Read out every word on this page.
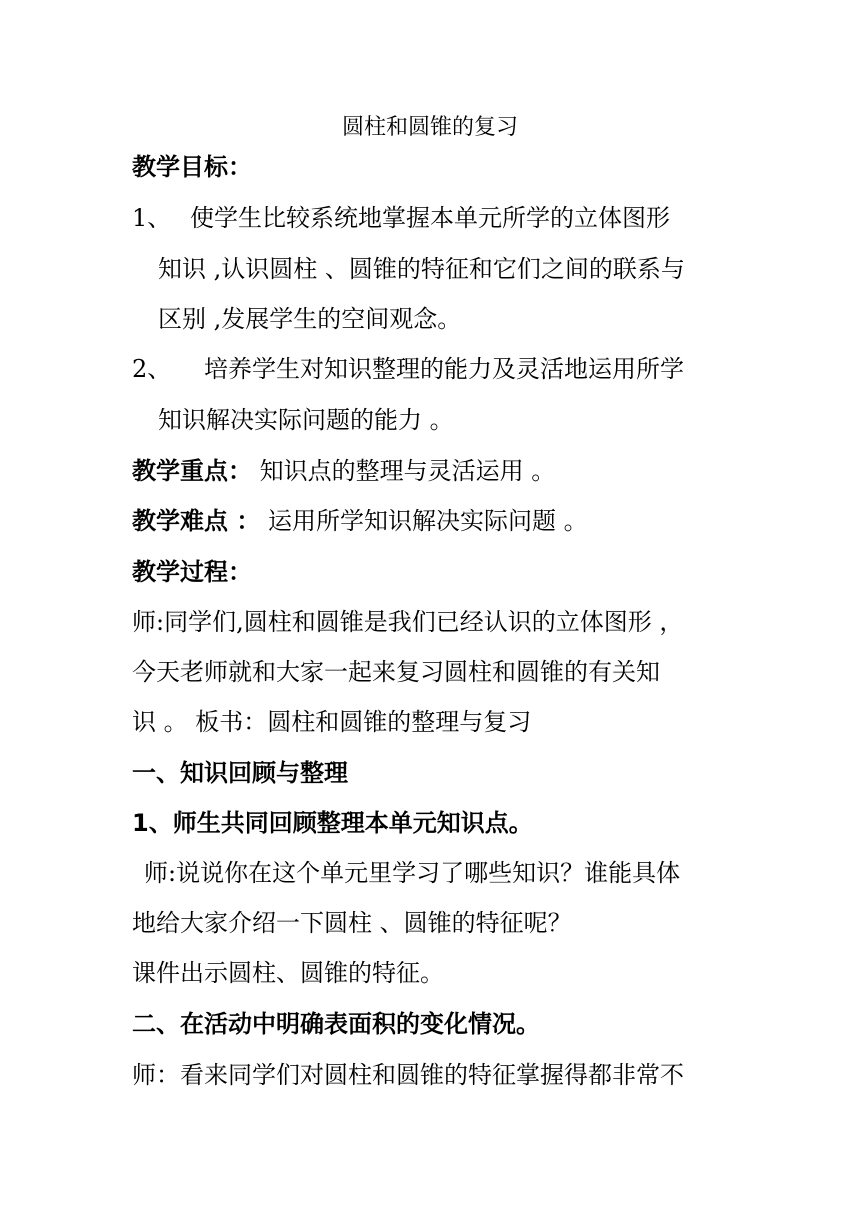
圆柱和圆锥的复习
教学目标：
1、 使学生比较系统地掌握本单元所学的立体图形
知识 ,认识圆柱 、圆锥的特征和它们之间的联系与
区别 ,发展学生的空间观念。
2、 培养学生对知识整理的能力及灵活地运用所学
知识解决实际问题的能力 。
教学重点： 知识点的整理与灵活运用 。
教学难点 ： 运用所学知识解决实际问题 。
教学过程：
师:同学们,圆柱和圆锥是我们已经认识的立体图形 ，
今天老师就和大家一起来复习圆柱和圆锥的有关知
识 。 板书：圆柱和圆锥的整理与复习
一、知识回顾与整理
1、师生共同回顾整理本单元知识点。
师:说说你在这个单元里学习了哪些知识？谁能具体
地给大家介绍一下圆柱 、圆锥的特征呢？
课件出示圆柱、圆锥的特征。
二、在活动中明确表面积的变化情况。
师：看来同学们对圆柱和圆锥的特征掌握得都非常不
